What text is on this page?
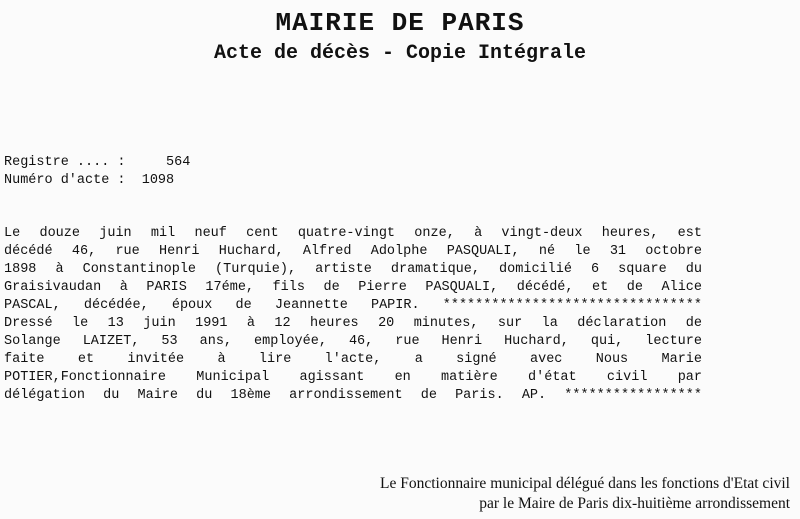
MAIRIE DE PARIS
Acte de décès - Copie Intégrale
Registre .... :     564
Numéro d'acte :  1098
Le douze juin mil neuf cent quatre-vingt onze, à vingt-deux heures, est
décédé 46, rue Henri Huchard, Alfred Adolphe PASQUALI, né le 31 octobre
1898 à Constantinople (Turquie), artiste dramatique, domicilié 6 square du
Graisivaudan à PARIS 17éme, fils de Pierre PASQUALI, décédé, et de Alice
PASCAL, décédée, époux de Jeannette PAPIR. ********************************
Dressé le 13 juin 1991 à 12 heures 20 minutes, sur la déclaration de
Solange LAIZET, 53 ans, employée, 46, rue Henri Huchard, qui, lecture
faite et invitée à lire l'acte, a signé avec Nous Marie
POTIER,Fonctionnaire Municipal agissant en matière d'état civil par
délégation du Maire du 18ème arrondissement de Paris. AP. *****************
Le Fonctionnaire municipal délégué dans les fonctions d'Etat civil
par le Maire de Paris dix-huitième arrondissement
